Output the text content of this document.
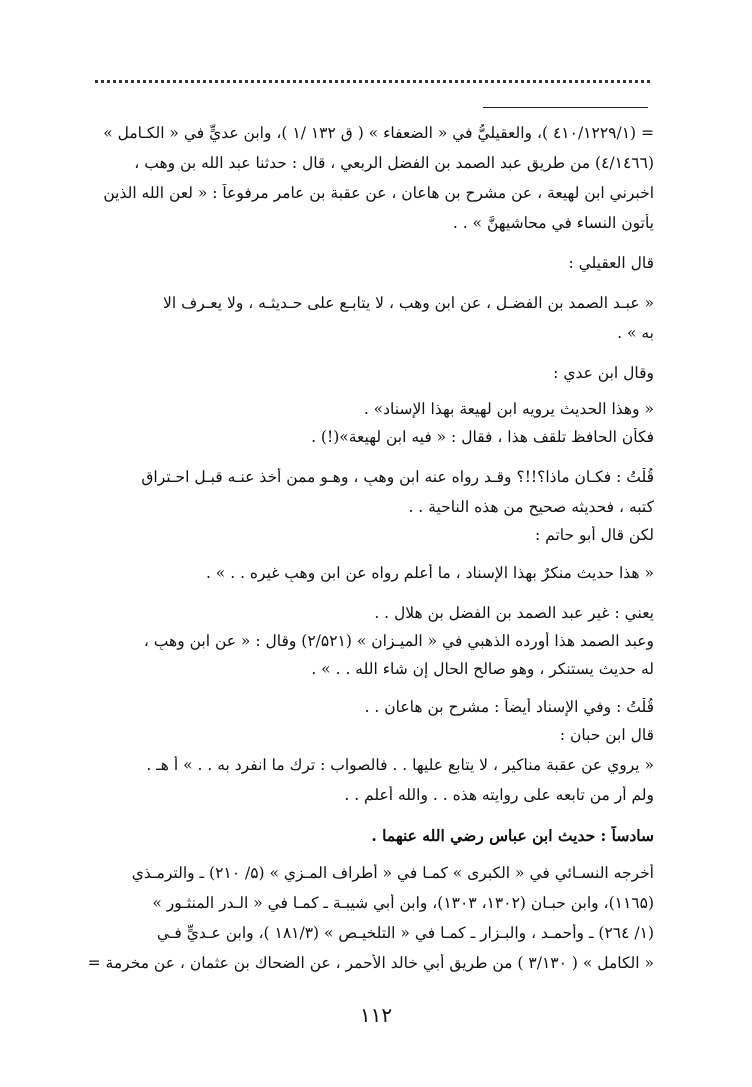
= (۱۲۲۹/۱/٤۱۰ )، والعقيليُّ في « الضعفاء » ( ق ۱۳۲ /۱ )، وابن عديٍّ في « الكـامل »
(٤/١٤٦٦) من طريق عبد الصمد بن الفضل الربعي ، قال : حدثنا عبد الله بن وهب ،
اخبرني ابن لهيعة ، عن مشرح بن هاعان ، عن عقبة بن عامر مرفوعاً : « لعن الله الذين
يأتون النساء في محاشيهنَّ » . .
قال العقيلي :
« عبـد الصمد بن الفضـل ، عن ابن وهب ، لا يتابـع على حـديثـه ، ولا يعـرف الا
به » .
وقال ابن عدي :
« وهذا الحديث يرويه ابن لهيعة بهذا الإسناد» .
فكأن الحافظ تلقف هذا ، فقال : « فيه ابن لهيعة»(!) .
قُلْتُ : فكـان ماذا؟!!؟ وقـد رواه عنه ابن وهبٍ ، وهـو ممن أخذ عنـه قبـل احـتراق
كتبه ، فحديثه صحيح من هذه الناحية . .
لكن قال أبو حاتم :
« هذا حديث منكرٌ بهذا الإسناد ، ما أعلم رواه عن ابن وهبٍ غيره . . » .
يعني : غير عبد الصمد بن الفضل بن هلال . .
وعبد الصمد هذا أورده الذهبي في « الميـزان » (۲/۵۲۱) وقال : « عن ابن وهبٍ ،
له حديث يستنكر ، وهو صالح الحال إن شاء الله . . » .
قُلْتُ : وفي الإسناد أيضاً : مشرح بن هاعان . .
قال ابن حبان :
« يروي عن عقبة مناكير ، لا يتابع عليها . . فالصواب : ترك ما انفرد به . . » أ هـ .
ولم أر من تابعه على روايته هذه . . والله أعلم . .
سادساً : حديث ابن عباسٍ رضي الله عنهما .
أخرجه النسـائي في « الكبرى » كمـا في « أطراف المـزي » (۵/ ۲۱۰) ـ والترمـذي
(۱۱٦۵)، وابن حبـان (۱۳۰۲، ۱۳۰۳)، وابن أبي شيبـة ـ كمـا في « الـدر المنثـور »
(۱/ ۲٦٤) ـ وأحمـد ، والبـزار ـ كمـا في « التلخيـص » (۱۸۱/۳ )، وابن عـديٍّ فـي
« الكامل » ( ۳/۱۳۰ ) من طريق أبي خالد الأحمر ، عن الضحاك بن عثمان ، عن مخرمة =
١١٢
